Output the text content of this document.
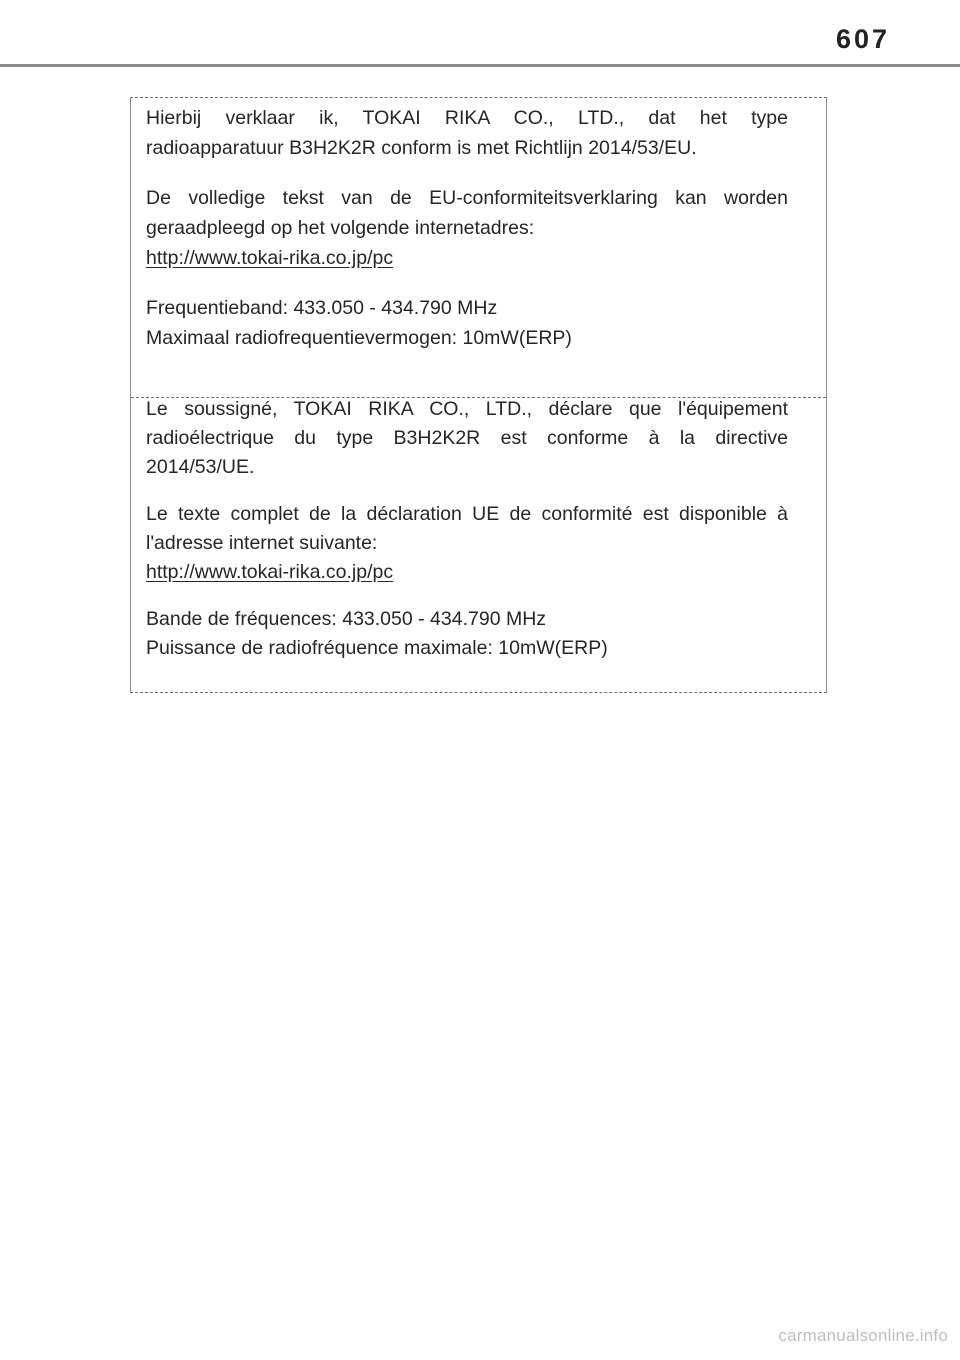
607

Hierbij verklaar ik, TOKAI RIKA CO., LTD., dat het type

radioapparatuur B3H2K2R conform is met Richtlijn 2014/53/EU.

De volledige tekst van de EU-conformiteitsverklaring kan worden

geraadpleegd op het volgende internetadres:

http://www.tokai-rika.co.jp/pc

Frequentieband: 433.050 - 434.790 MHz

Maximaal radiofrequentievermogen: 10mW(ERP)

Le soussigné, TOKAI RIKA CO., LTD., déclare que l'équipement

radioélectrique du type B3H2K2R est conforme à la directive

2014/53/UE.

Le texte complet de la déclaration UE de conformité est disponible à

l'adresse internet suivante:

http://www.tokai-rika.co.jp/pc

Bande de fréquences: 433.050 - 434.790 MHz

Puissance de radiofréquence maximale: 10mW(ERP)

carmanualsonline.info
